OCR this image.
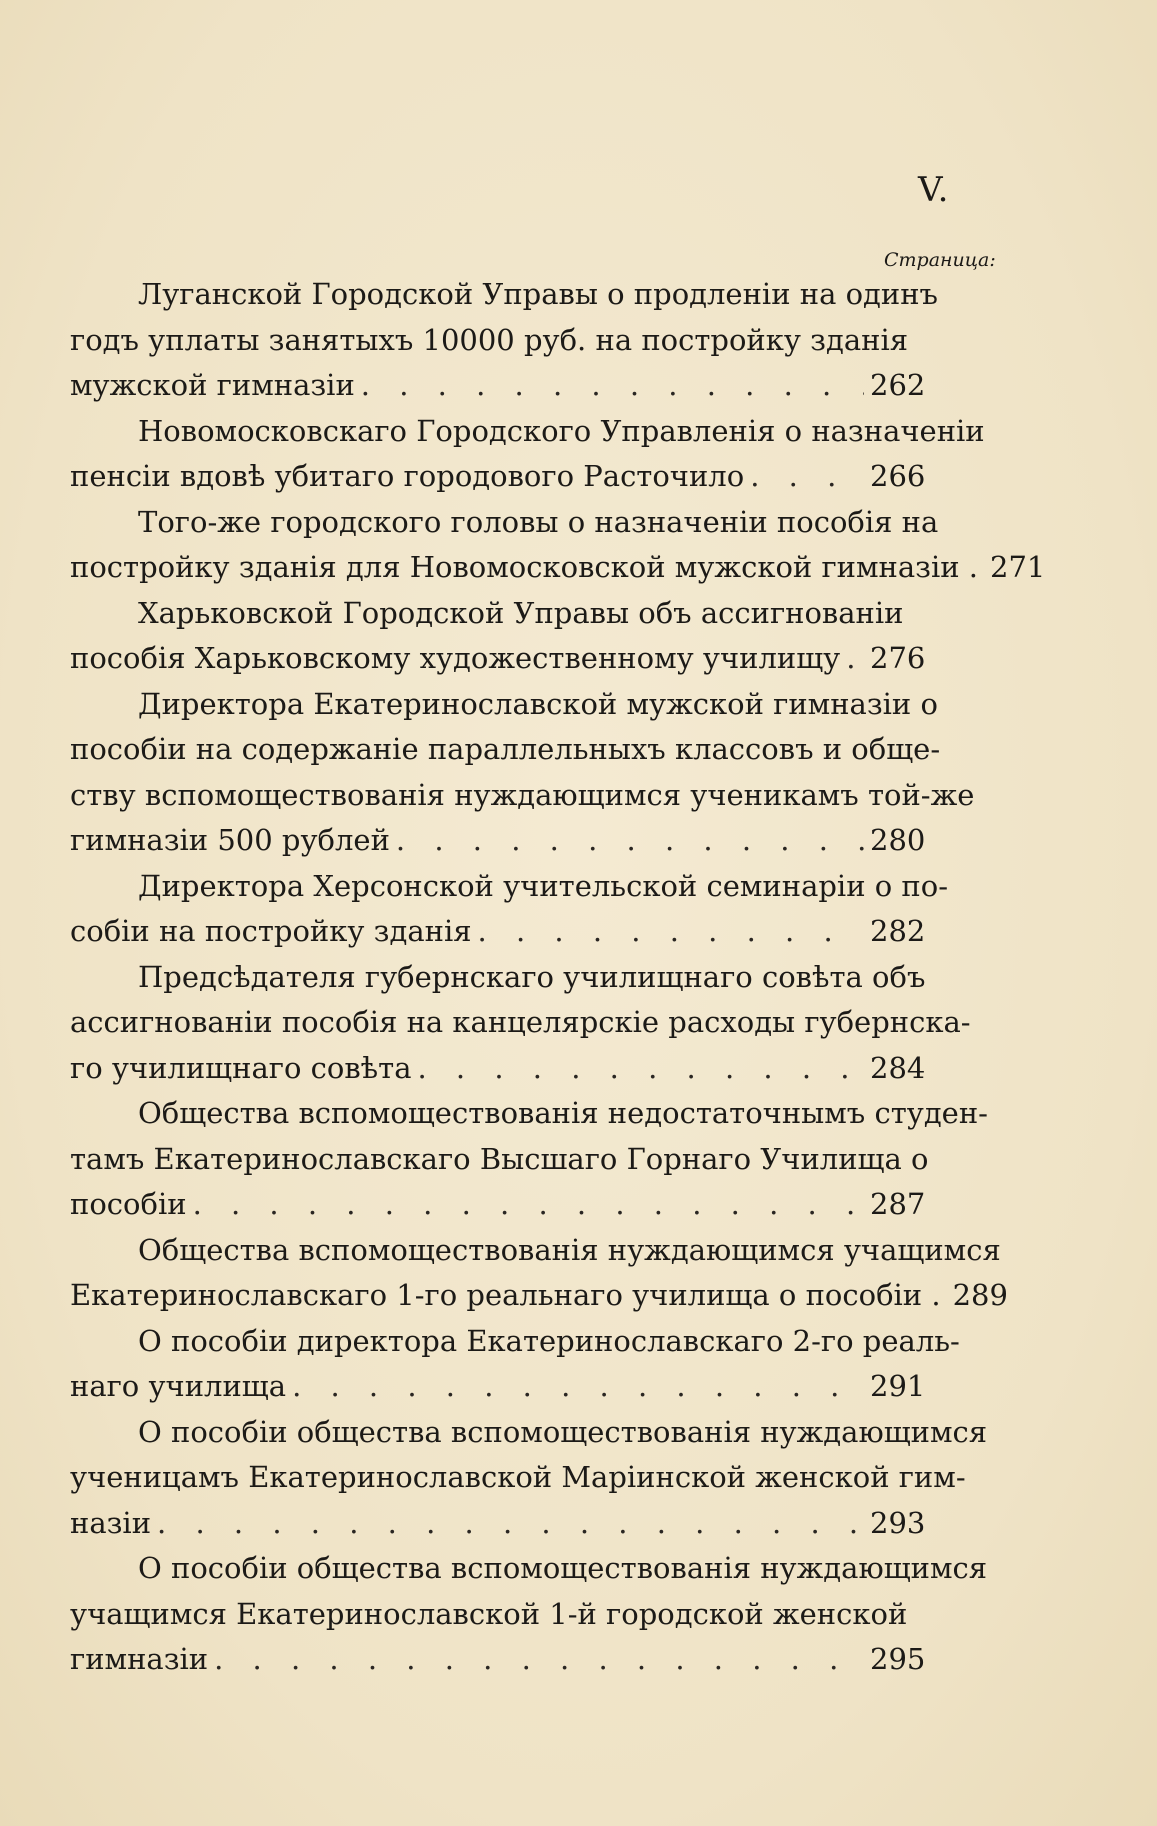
V.
Страница:
Луганской Городской Управы о продленіи на одинъ
годъ уплаты занятыхъ 10000 руб. на постройку зданія
мужской гимназіи . . .	262
Новомосковскаго Городского Управленія о назначеніи
пенсіи вдовѣ убитаго городового Расточило . . .	266
Того-же городского головы о назначеніи пособія на
постройку зданія для Новомосковской мужской гимназіи . 271
Харьковской Городской Управы объ ассигнованіи
пособія Харьковскому художественному училищу . . . 276
Директора Екатеринославской мужской гимназіи о
пособіи на содержаніе параллельныхъ классовъ и обще-
ству вспомоществованія нуждающимся ученикамъ той-же
гимназіи 500 рублей . . .	280
Директора Херсонской учительской семинаріи о по-
собіи на постройку зданія . . .	282
Предсѣдателя губернскаго училищнаго совѣта объ
ассигнованіи пособія на канцелярскіе расходы губернска-
го училищнаго совѣта . . .	284
Общества вспомоществованія недостаточнымъ студен-
тамъ Екатеринославскаго Высшаго Горнаго Училища о
пособіи . . .	287
Общества вспомоществованія нуждающимся учащимся
Екатеринославскаго 1-го реальнаго училища о пособіи . 289
О пособіи директора Екатеринославскаго 2-го реаль-
наго училища . . .	291
О пособіи общества вспомоществованія нуждающимся
ученицамъ Екатеринославской Маріинской женской гим-
назіи . . .	293
О пособіи общества вспомоществованія нуждающимся
учащимся Екатеринославской 1-й городской женской
гимназіи . . .	295
